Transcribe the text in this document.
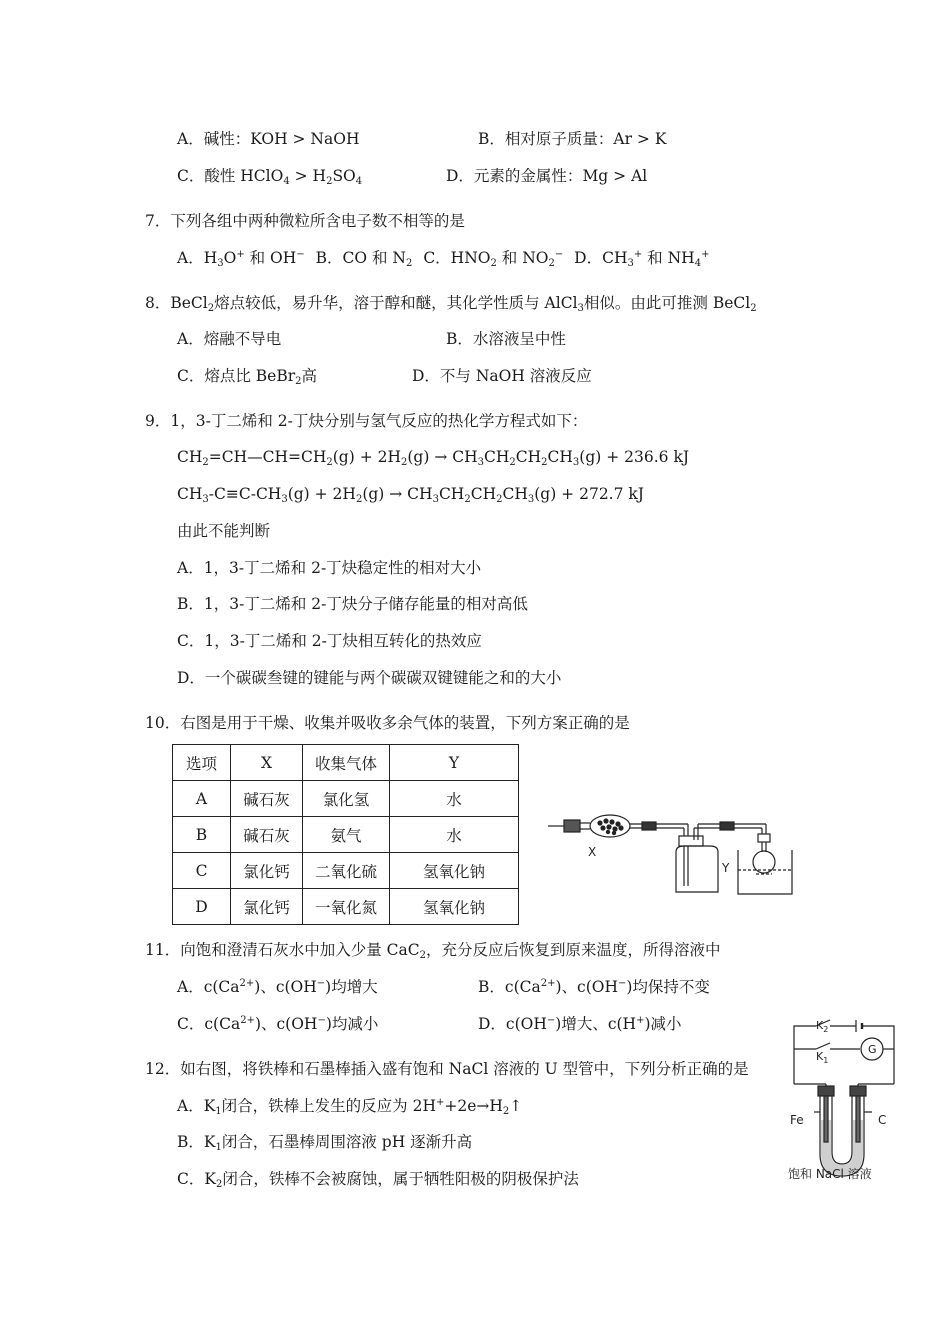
A．碱性：KOH > NaOH	B．相对原子质量：Ar > K
C．酸性 HClO$_4$ > $H_2SO_4$	D．元素的金属性：Mg > Al
7．下列各组中两种微粒所含电子数不相等的是
A．$H_3O^+$ 和 OH− B．CO 和 $N_2$ C．$HNO_2$ 和 $NO_2^-$ D．$CH_3^+$ 和 $NH_4^+$
8．BeCl$_2$熔点较低，易升华，溶于醇和醚，其化学性质与 AlCl$_3$相似。由此可推测 BeCl$_2$
A．熔融不导电	B．水溶液呈中性
C．熔点比 BeBr$_2$高	D．不与 NaOH 溶液反应
9．1，3-丁二烯和 2-丁炔分别与氢气反应的热化学方程式如下：
$CH_2=CH—CH=CH_2(g) + 2H_2(g) \to CH_3CH_2CH_2CH_3(g) + 236.6$ kJ
$CH_3-C\equiv C-CH_3(g) + 2H_2(g) \to CH_3CH_2CH_2CH_3(g) + 272.7$ kJ
由此不能判断
A．1，3-丁二烯和 2-丁炔稳定性的相对大小
B．1，3-丁二烯和 2-丁炔分子储存能量的相对高低
C．1，3-丁二烯和 2-丁炔相互转化的热效应
D．一个碳碳叁键的键能与两个碳碳双键键能之和的大小
10．右图是用于干燥、收集并吸收多余气体的装置，下列方案正确的是
选项	X	收集气体	Y
A	碱石灰	氯化氢	水
B	碱石灰	氨气	水
C	氯化钙	二氧化硫	氢氧化钠
D	氯化钙	一氧化氮	氢氧化钠
X
Y
11．向饱和澄清石灰水中加入少量 CaC$_2$，充分反应后恢复到原来温度，所得溶液中
A．$c(Ca^{2+})$、c(OH−)均增大	B．$c(Ca^{2+})$、c(OH−)均保持不变
C．$c(Ca^{2+})$、c(OH−)均减小	D．c(OH−)增大、c(H+)减小
12．如右图，将铁棒和石墨棒插入盛有饱和 NaCl 溶液的 U 型管中，下列分析正确的是
A．$K_1$闭合，铁棒上发生的反应为 $2H^++2e\to H_2↑$
B．$K_1$闭合，石墨棒周围溶液 pH 逐渐升高
C．$K_2$闭合，铁棒不会被腐蚀，属于牺牲阳极的阴极保护法
$K_2$
$K_1$
G
Fe	C
饱和 NaCl 溶液
